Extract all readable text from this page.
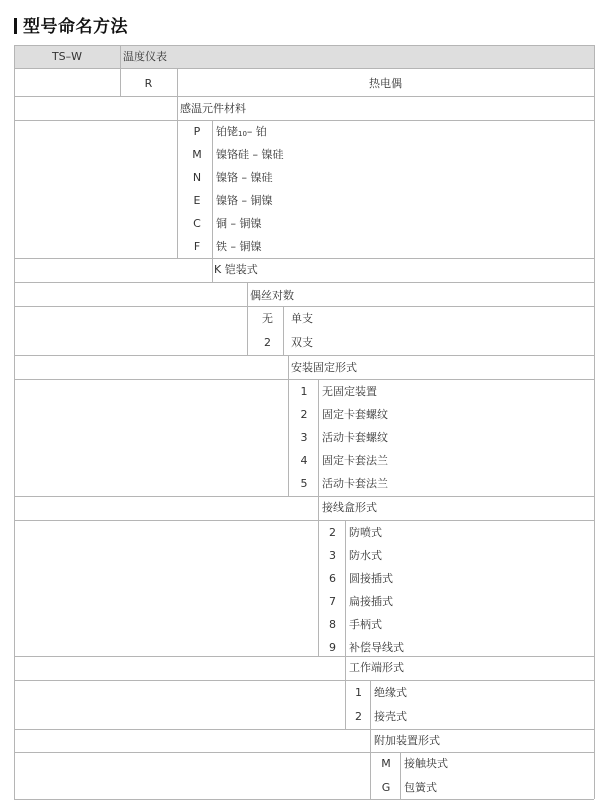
型号命名方法
TS–W	温度仪表
R	热电偶
感温元件材料
P	铂铑$_{10}$– 铂
M	镍铬硅 – 镍硅
N	镍铬 – 镍硅
E	镍铬 – 铜镍
C	铜 – 铜镍
F	铁 – 铜镍
K 铠装式
偶丝对数
无	单支
2	双支
安装固定形式
1	无固定装置
2	固定卡套螺纹
3	活动卡套螺纹
4	固定卡套法兰
5	活动卡套法兰
接线盒形式
2	防喷式
3	防水式
6	圆接插式
7	扁接插式
8	手柄式
9	补偿导线式
工作端形式
1	绝缘式
2	接壳式
附加装置形式
M	接触块式
G	包簧式
